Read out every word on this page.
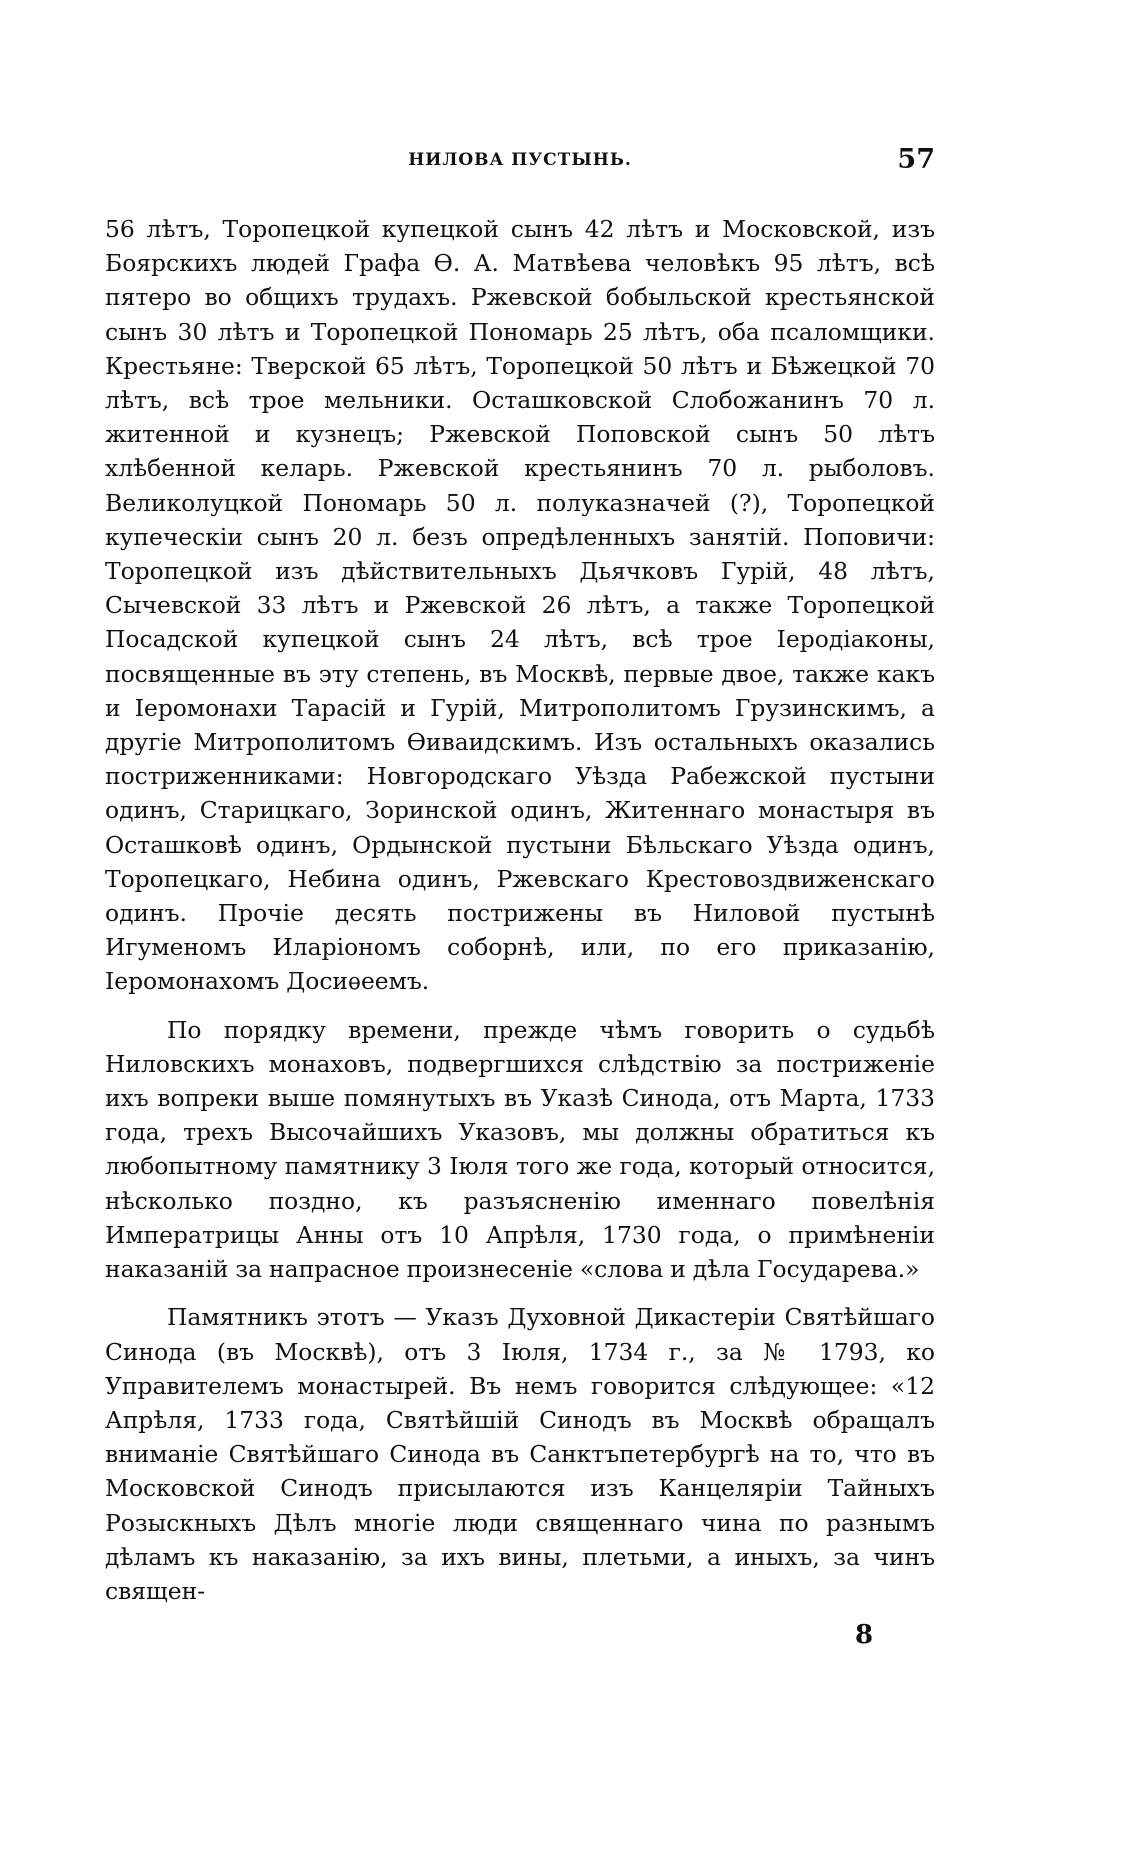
НИЛОВА ПУСТЫНЬ.	57

56 лѣтъ, Торопецкой купецкой сынъ 42 лѣтъ и Московской, изъ Боярскихъ людей Графа Ѳ. А. Матвѣева человѣкъ 95 лѣтъ, всѣ пятеро во общихъ трудахъ. Ржевской бобыльской крестьянской сынъ 30 лѣтъ и Торопецкой Пономарь 25 лѣтъ, оба псаломщики. Крестьяне: Тверской 65 лѣтъ, Торопецкой 50 лѣтъ и Бѣжецкой 70 лѣтъ, всѣ трое мельники. Осташковской Слобожанинъ 70 л. житенной и кузнецъ; Ржевской Поповской сынъ 50 лѣтъ хлѣбенной келарь. Ржевской крестьянинъ 70 л. рыболовъ. Великолуцкой Пономарь 50 л. полуказначей (?), Торопецкой купеческiи сынъ 20 л. безъ опредѣленныхъ занятiй. Поповичи: Торопецкой изъ дѣйствительныхъ Дьячковъ Гурiй, 48 лѣтъ, Сычевской 33 лѣтъ и Ржевской 26 лѣтъ, а также Торопецкой Посадской купецкой сынъ 24 лѣтъ, всѣ трое Iеродiаконы, посвященные въ эту степень, въ Москвѣ, первые двое, также какъ и Iеромонахи Тарасiй и Гурiй, Митрополитомъ Грузинскимъ, а другiе Митрополитомъ Ѳиваидскимъ. Изъ остальныхъ оказались постриженниками: Новгородскаго Уѣзда Рабежской пустыни одинъ, Старицкаго, Зоринской одинъ, Житеннаго монастыря въ Осташковѣ одинъ, Ордынской пустыни Бѣльскаго Уѣзда одинъ, Торопецкаго, Небина одинъ, Ржевскаго Крестовоздвиженскаго одинъ. Прочiе десять пострижены въ Ниловой пустынѣ Игуменомъ Иларiономъ соборнѣ, или, по его приказанiю, Iеромонахомъ Досиѳеемъ.

По порядку времени, прежде чѣмъ говорить о судьбѣ Ниловскихъ монаховъ, подвергшихся слѣдствiю за постриженiе ихъ вопреки выше помянутыхъ въ Указѣ Синода, отъ Марта, 1733 года, трехъ Высочайшихъ Указовъ, мы должны обратиться къ любопытному памятнику 3 Iюля того же года, который относится, нѣсколько поздно, къ разъясненiю именнаго повелѣнiя Императрицы Анны отъ 10 Апрѣля, 1730 года, о примѣненiи наказанiй за напрасное произнесенiе «слова и дѣла Государева.»

Памятникъ этотъ — Указъ Духовной Дикастерiи Святѣйшаго Синода (въ Москвѣ), отъ 3 Iюля, 1734 г., за № 1793, ко Управителемъ монастырей. Въ немъ говорится слѣдующее: «12 Апрѣля, 1733 года, Святѣйшiй Синодъ въ Москвѣ обращалъ вниманiе Святѣйшаго Синода въ Санктъпетербургѣ на то, что въ Московской Синодъ присылаются изъ Канцелярiи Тайныхъ Розыскныхъ Дѣлъ многiе люди священнаго чина по разнымъ дѣламъ къ наказанiю, за ихъ вины, плетьми, а иныхъ, за чинъ священ-

8
